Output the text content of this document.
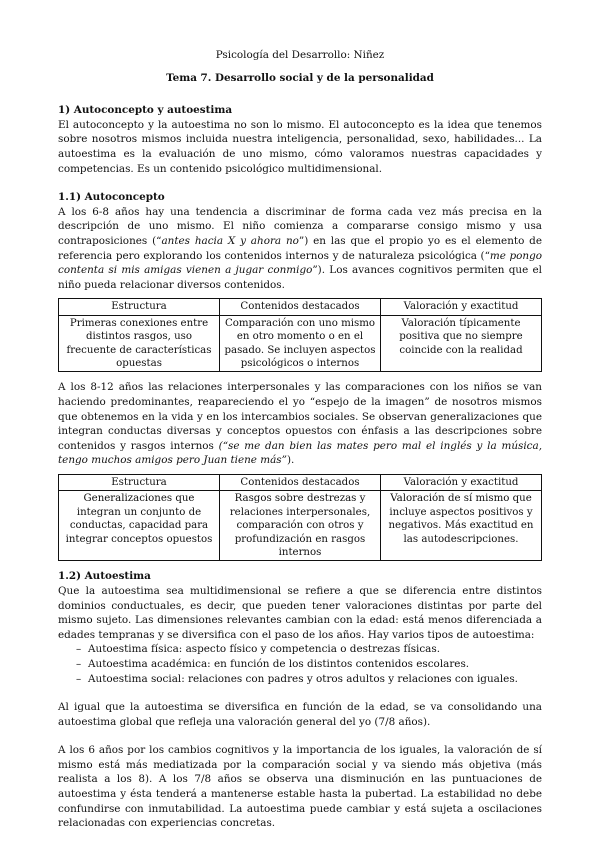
Psicología del Desarrollo: Niñez

Tema 7. Desarrollo social y de la personalidad

1) Autoconcepto y autoestima

El autoconcepto y la autoestima no son lo mismo. El autoconcepto es la idea que tenemos sobre nosotros mismos incluida nuestra inteligencia, personalidad, sexo, habilidades... La autoestima es la evaluación de uno mismo, cómo valoramos nuestras capacidades y competencias. Es un contenido psicológico multidimensional.

1.1) Autoconcepto

A los 6-8 años hay una tendencia a discriminar de forma cada vez más precisa en la descripción de uno mismo. El niño comienza a compararse consigo mismo y usa contraposiciones (“antes hacia X y ahora no”) en las que el propio yo es el elemento de referencia pero explorando los contenidos internos y de naturaleza psicológica (“me pongo contenta si mis amigas vienen a jugar conmigo”). Los avances cognitivos permiten que el niño pueda relacionar diversos contenidos.

Estructura	Contenidos destacados	Valoración y exactitud
Primeras conexiones entre distintos rasgos, uso frecuente de características opuestas	Comparación con uno mismo en otro momento o en el pasado. Se incluyen aspectos psicológicos o internos	Valoración típicamente positiva que no siempre coincide con la realidad

A los 8-12 años las relaciones interpersonales y las comparaciones con los niños se van haciendo predominantes, reapareciendo el yo “espejo de la imagen” de nosotros mismos que obtenemos en la vida y en los intercambios sociales. Se observan generalizaciones que integran conductas diversas y conceptos opuestos con énfasis a las descripciones sobre contenidos y rasgos internos (“se me dan bien las mates pero mal el inglés y la música, tengo muchos amigos pero Juan tiene más”).

Estructura	Contenidos destacados	Valoración y exactitud
Generalizaciones que integran un conjunto de conductas, capacidad para integrar conceptos opuestos	Rasgos sobre destrezas y relaciones interpersonales, comparación con otros y profundización en rasgos internos	Valoración de sí mismo que incluye aspectos positivos y negativos. Más exactitud en las autodescripciones.
1.2) Autoestima

Que la autoestima sea multidimensional se refiere a que se diferencia entre distintos dominios conductuales, es decir, que pueden tener valoraciones distintas por parte del mismo sujeto. Las dimensiones relevantes cambian con la edad: está menos diferenciada a edades tempranas y se diversifica con el paso de los años. Hay varios tipos de autoestima:

– Autoestima física: aspecto físico y competencia o destrezas físicas.
– Autoestima académica: en función de los distintos contenidos escolares.
– Autoestima social: relaciones con padres y otros adultos y relaciones con iguales.

Al igual que la autoestima se diversifica en función de la edad, se va consolidando una autoestima global que refleja una valoración general del yo (7/8 años).

A los 6 años por los cambios cognitivos y la importancia de los iguales, la valoración de sí mismo está más mediatizada por la comparación social y va siendo más objetiva (más realista a los 8). A los 7/8 años se observa una disminución en las puntuaciones de autoestima y ésta tenderá a mantenerse estable hasta la pubertad. La estabilidad no debe confundirse con inmutabilidad. La autoestima puede cambiar y está sujeta a oscilaciones relacionadas con experiencias concretas.
